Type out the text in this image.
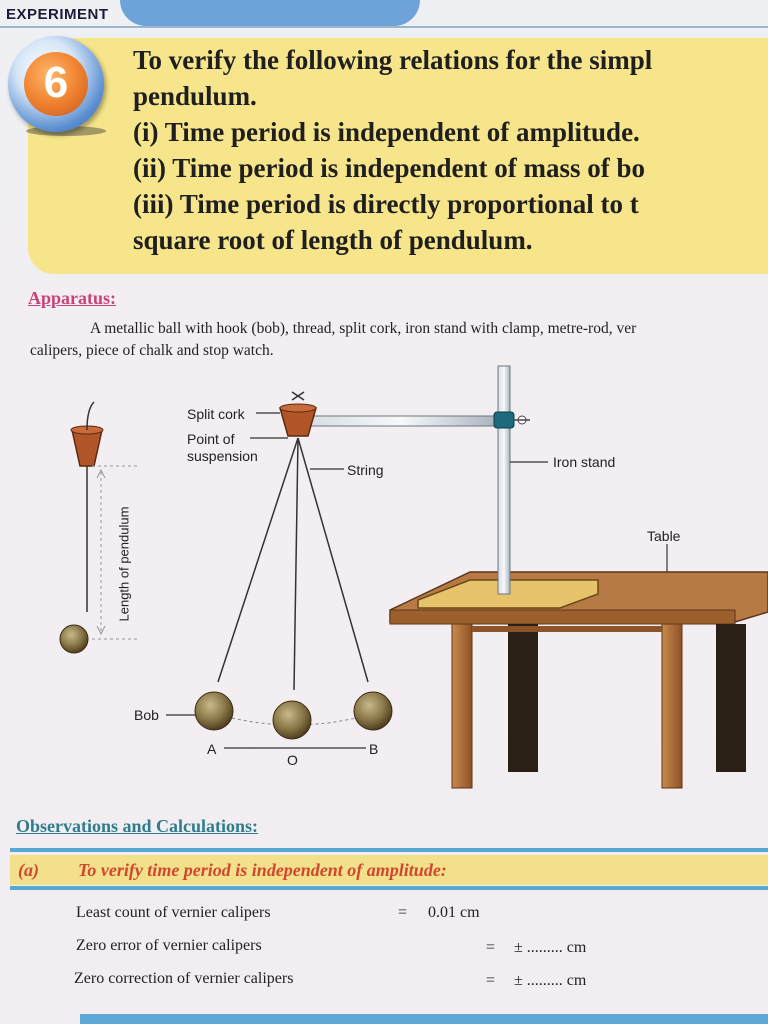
EXPERIMENT
6	To verify the following relations for the simpl
pendulum.
(i) Time period is independent of amplitude.
(ii) Time period is independent of mass of bo
(iii) Time period is directly proportional to t
square root of length of pendulum.
Apparatus:
A metallic ball with hook (bob), thread, split cork, iron stand with clamp, metre-rod, ver
calipers, piece of chalk and stop watch.
Split cork
Point of
suspension
String	Iron stand
Table
Bob
A
O
B
Length of pendulum
Observations and Calculations:
(a) To verify time period is independent of amplitude:
Least count of vernier calipers	= 0.01 cm
Zero error of vernier calipers	= ± ......... cm
Zero correction of vernier calipers	= ± ......... cm
